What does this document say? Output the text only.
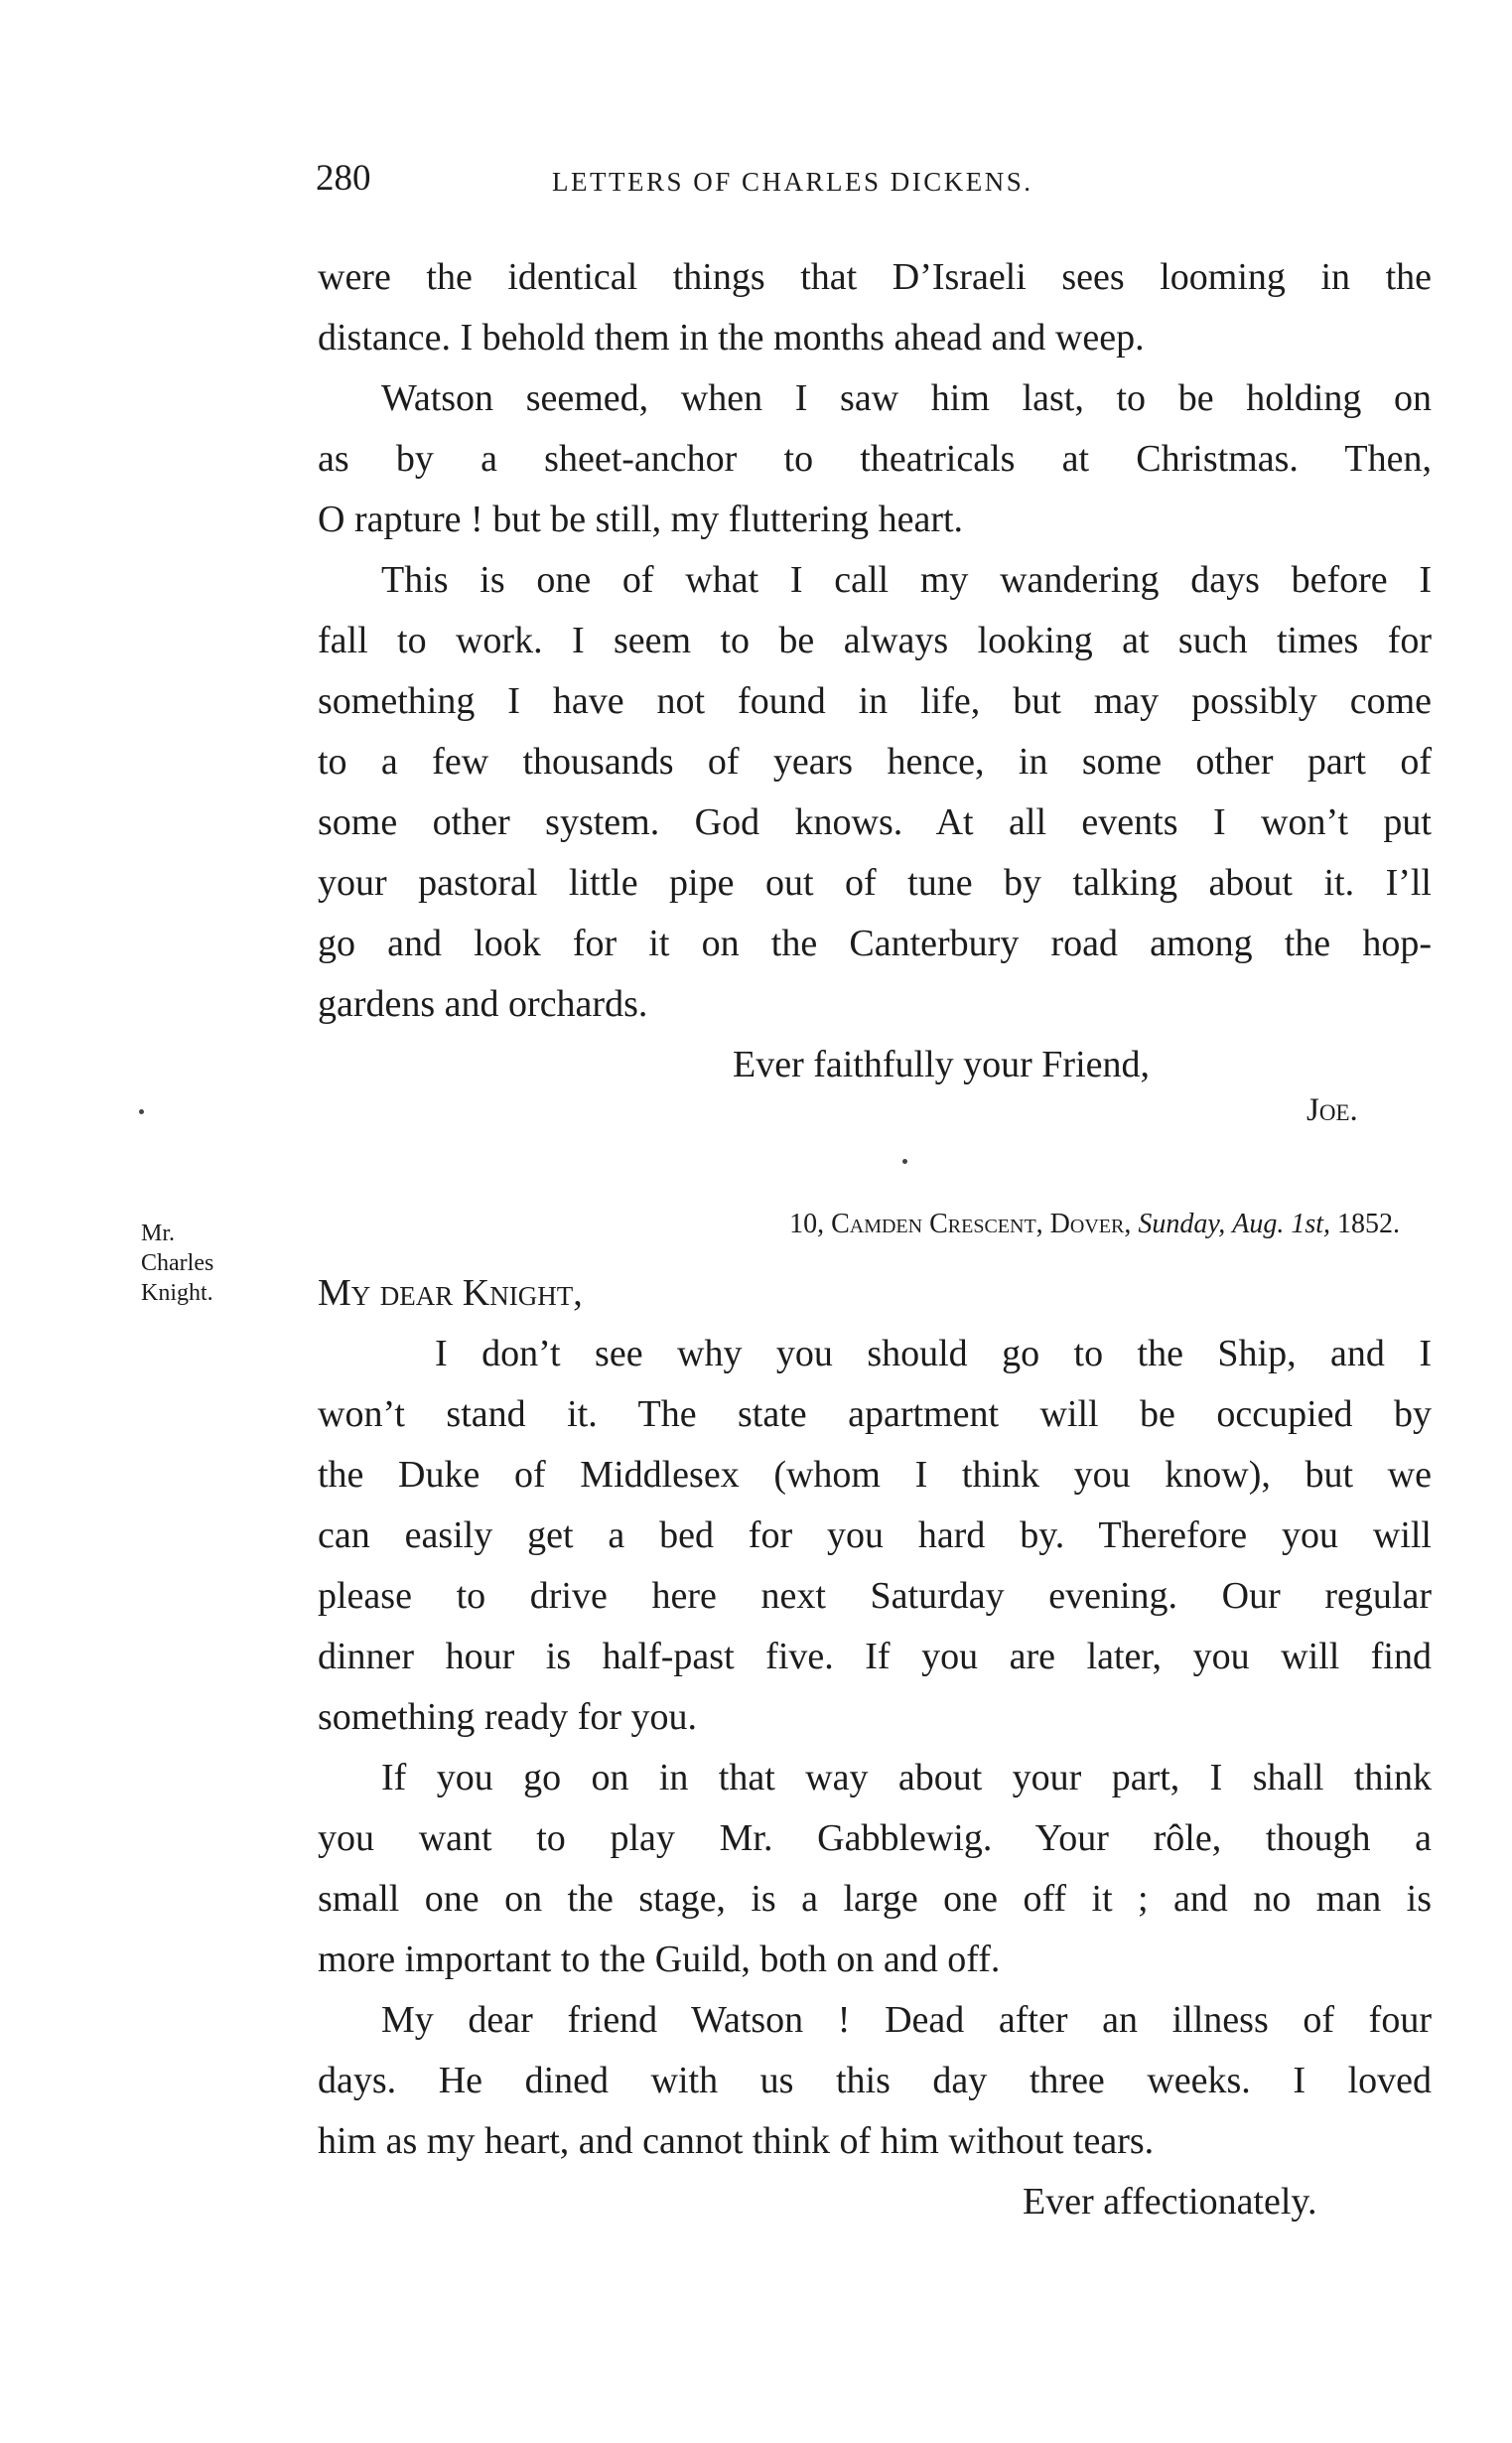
280	LETTERS OF CHARLES DICKENS.
were the identical things that D’Israeli sees looming in the
distance. I behold them in the months ahead and weep.
Watson seemed, when I saw him last, to be holding on
as by a sheet-anchor to theatricals at Christmas. Then,
O rapture ! but be still, my fluttering heart.
This is one of what I call my wandering days before I
fall to work. I seem to be always looking at such times for
something I have not found in life, but may possibly come
to a few thousands of years hence, in some other part of
some other system. God knows. At all events I won’t put
your pastoral little pipe out of tune by talking about it. I’ll
go and look for it on the Canterbury road among the hop-
gardens and orchards.
Ever faithfully your Friend,
Joe.
Mr.
Charles
Knight.
10, Camden Crescent, Dover, Sunday, Aug. 1st, 1852.
My dear Knight,
I don’t see why you should go to the Ship, and I
won’t stand it. The state apartment will be occupied by
the Duke of Middlesex (whom I think you know), but we
can easily get a bed for you hard by. Therefore you will
please to drive here next Saturday evening. Our regular
dinner hour is half-past five. If you are later, you will find
something ready for you.
If you go on in that way about your part, I shall think
you want to play Mr. Gabblewig. Your rôle, though a
small one on the stage, is a large one off it ; and no man is
more important to the Guild, both on and off.
My dear friend Watson ! Dead after an illness of four
days. He dined with us this day three weeks. I loved
him as my heart, and cannot think of him without tears.
Ever affectionately.
